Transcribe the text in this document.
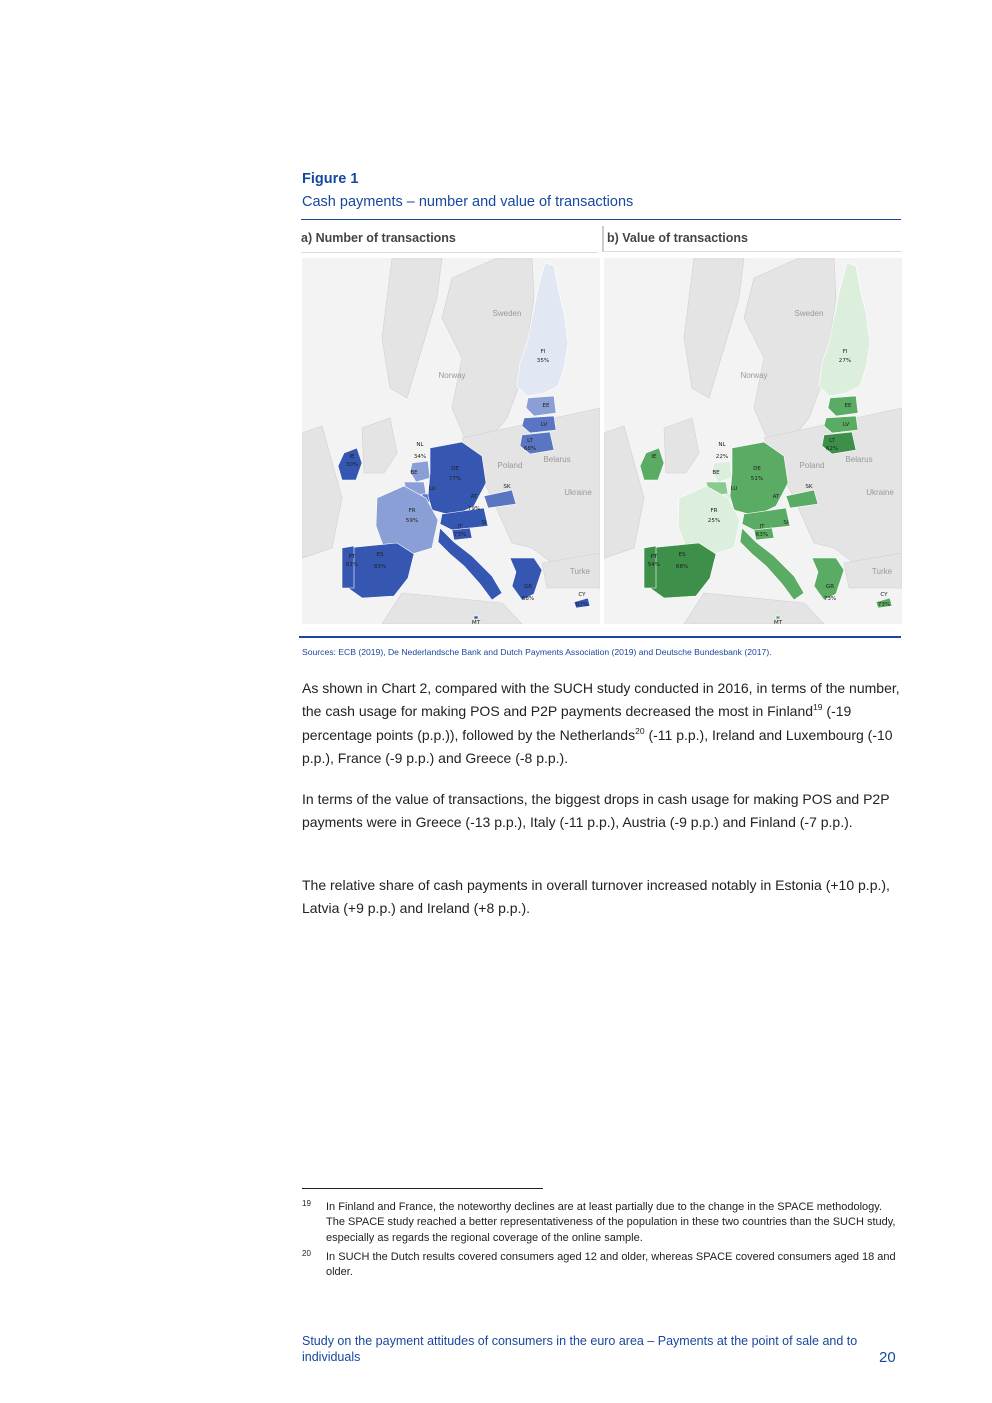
Figure 1
Cash payments – number and value of transactions
a) Number of transactions	b) Value of transactions
Sweden
Norway
Poland
Belarus
Ukraine
Turke
FI
35%
EE
LV
LT
68%
NL
34%
BE
LU
DE
77%
AT
79%
SK
SI
FR
59%
IT
73%
ES
83%
PT
81%
IE
30%
GR
88%
CY
87%
MT
Sweden
Norway
Poland
Belarus
Ukraine
Turke
FI
27%
EE
LV
LT
62%
NL
22%
BE
LU
DE
51%
AT
SK
SI
FR
25%
IT
63%
ES
68%
PT
54%
IE
GR
73%
CY
73%
MT
Sources: ECB (2019), De Nederlandsche Bank and Dutch Payments Association (2019) and Deutsche Bundesbank (2017).

As shown in Chart 2, compared with the SUCH study conducted in 2016, in terms of the number, the cash usage for making POS and P2P payments decreased the most in Finland$^{19}$ (-19 percentage points (p.p.)), followed by the Netherlands$^{20}$ (-11 p.p.), Ireland and Luxembourg (-10 p.p.), France (-9 p.p.) and Greece (-8 p.p.).

In terms of the value of transactions, the biggest drops in cash usage for making POS and P2P payments were in Greece (-13 p.p.), Italy (-11 p.p.), Austria (-9 p.p.) and Finland (-7 p.p.).

The relative share of cash payments in overall turnover increased notably in Estonia (+10 p.p.), Latvia (+9 p.p.) and Ireland (+8 p.p.).

19 In Finland and France, the noteworthy declines are at least partially due to the change in the SPACE methodology. The SPACE study reached a better representativeness of the population in these two countries than the SUCH study, especially as regards the regional coverage of the online sample.
20 In SUCH the Dutch results covered consumers aged 12 and older, whereas SPACE covered consumers aged 18 and older.
Study on the payment attitudes of consumers in the euro area – Payments at the point of sale and to individuals	20
